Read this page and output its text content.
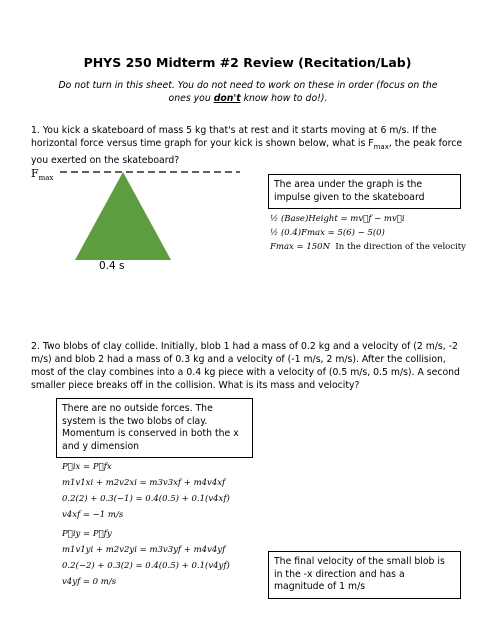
PHYS 250 Midterm #2 Review (Recitation/Lab)
Do not turn in this sheet. You do not need to work on these in order (focus on the ones you don't know how to do!).
1. You kick a skateboard of mass 5 kg that's at rest and it starts moving at 6 m/s. If the horizontal force versus time graph for your kick is shown below, what is $F_{max}$, the peak force you exerted on the skateboard?
$F_{max}$
0.4 s
The area under the graph is the impulse given to the skateboard
½ (Base)Height = mv⃗f − mv⃗i
½ (0.4)Fmax = 5(6) − 5(0)
Fmax = 150N In the direction of the velocity
2. Two blobs of clay collide. Initially, blob 1 had a mass of 0.2 kg and a velocity of (2 m/s, -2 m/s) and blob 2 had a mass of 0.3 kg and a velocity of (-1 m/s, 2 m/s). After the collision, most of the clay combines into a 0.4 kg piece with a velocity of (0.5 m/s, 0.5 m/s). A second smaller piece breaks off in the collision. What is its mass and velocity?
There are no outside forces. The system is the two blobs of clay. Momentum is conserved in both the x and y dimension
P⃗ix = P⃗fx
m1v1xi + m2v2xi = m3v3xf + m4v4xf
0.2(2) + 0.3(−1) = 0.4(0.5) + 0.1(v4xf)
v4xf = −1 m/s
P⃗iy = P⃗fy
m1v1yi + m2v2yi = m3v3yf + m4v4yf
0.2(−2) + 0.3(2) = 0.4(0.5) + 0.1(v4yf)
v4yf = 0 m/s
The final velocity of the small blob is in the -x direction and has a magnitude of 1 m/s
